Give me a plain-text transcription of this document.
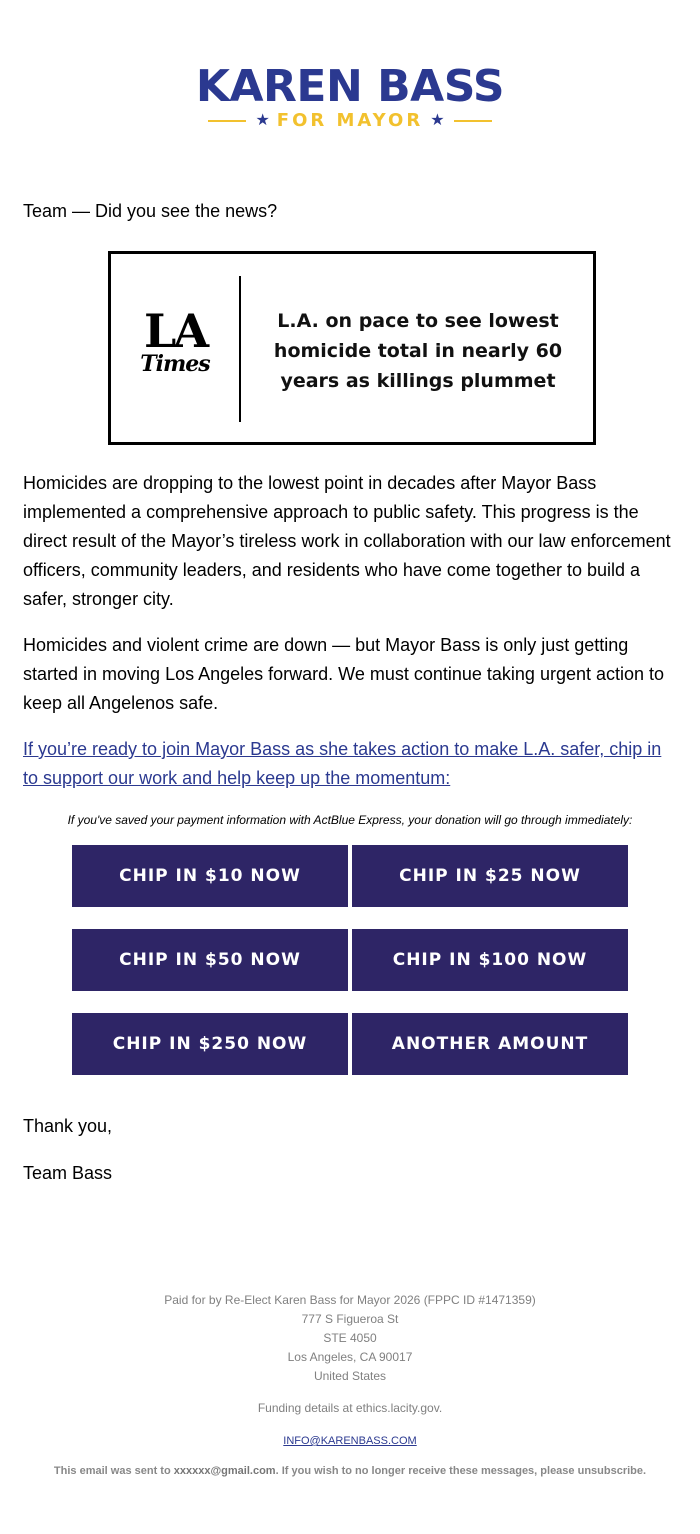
KAREN BASS
★ FOR MAYOR ★

Team — Did you see the news?

LA
Times
L.A. on pace to see lowest homicide total in nearly 60 years as killings plummet

Homicides are dropping to the lowest point in decades after Mayor Bass implemented a comprehensive approach to public safety. This progress is the direct result of the Mayor’s tireless work in collaboration with our law enforcement officers, community leaders, and residents who have come together to build a safer, stronger city.

Homicides and violent crime are down — but Mayor Bass is only just getting started in moving Los Angeles forward. We must continue taking urgent action to keep all Angelenos safe.

If you’re ready to join Mayor Bass as she takes action to make L.A. safer, chip in to support our work and help keep up the momentum:

If you've saved your payment information with ActBlue Express, your donation will go through immediately:
CHIP IN $10 NOW	CHIP IN $25 NOW
CHIP IN $50 NOW	CHIP IN $100 NOW
CHIP IN $250 NOW	ANOTHER AMOUNT

Thank you,

Team Bass

Paid for by Re-Elect Karen Bass for Mayor 2026 (FPPC ID #1471359)
777 S Figueroa St
STE 4050
Los Angeles, CA 90017
United States
Funding details at ethics.lacity.gov.
INFO@KARENBASS.COM
This email was sent to xxxxxx@gmail.com. If you wish to no longer receive these messages, please unsubscribe.
